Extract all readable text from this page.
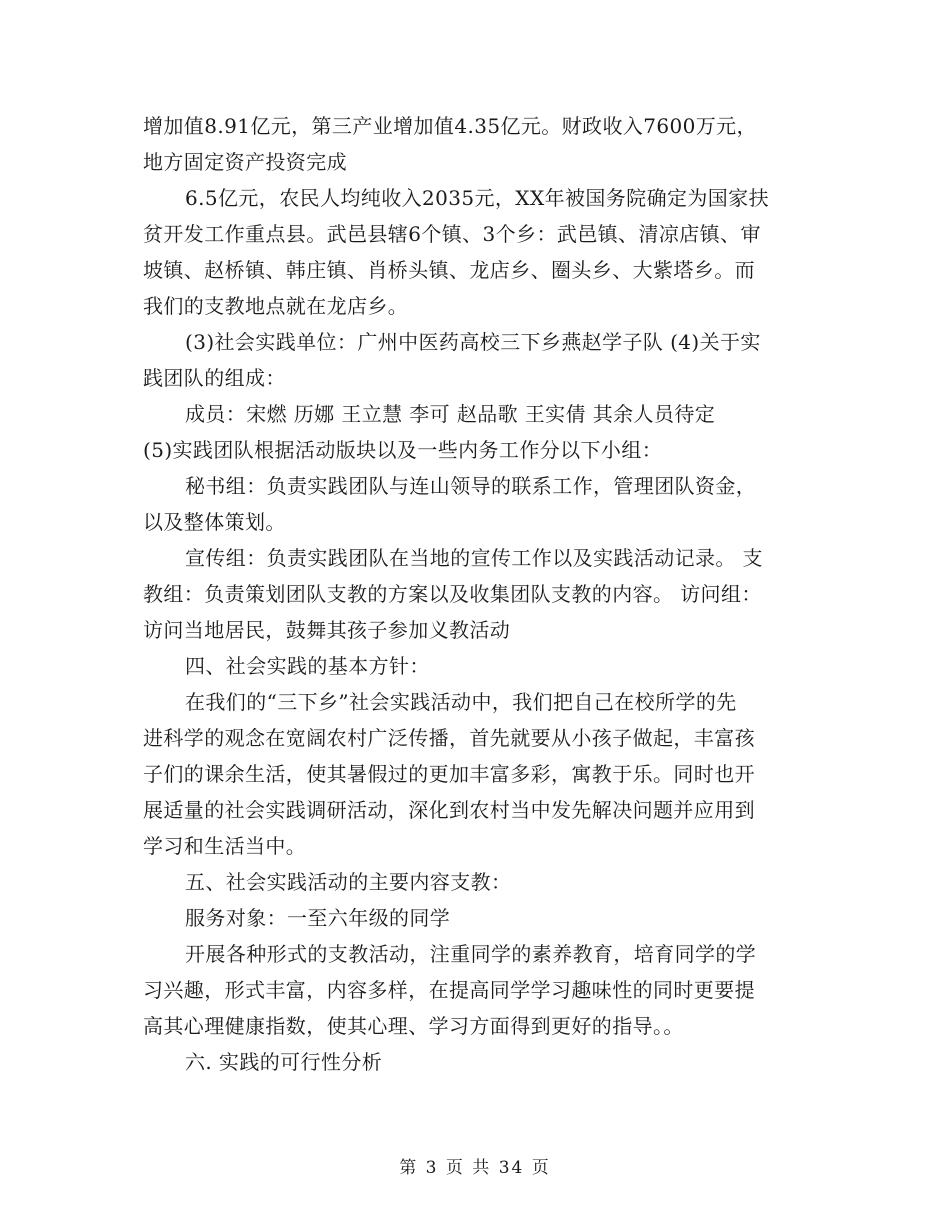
增加值8.91亿元，第三产业增加值4.35亿元。财政收入7600万元，
地方固定资产投资完成
6.5亿元，农民人均纯收入2035元，XX年被国务院确定为国家扶
贫开发工作重点县。武邑县辖6个镇、3个乡：武邑镇、清凉店镇、审
坡镇、赵桥镇、韩庄镇、肖桥头镇、龙店乡、圈头乡、大紫塔乡。而
我们的支教地点就在龙店乡。
(3)社会实践单位：广州中医药高校三下乡燕赵学子队 (4)关于实
践团队的组成：
成员：宋燃 历娜 王立慧 李可 赵品歌 王实倩 其余人员待定
(5)实践团队根据活动版块以及一些内务工作分以下小组：
秘书组：负责实践团队与连山领导的联系工作，管理团队资金，
以及整体策划。
宣传组：负责实践团队在当地的宣传工作以及实践活动记录。 支
教组：负责策划团队支教的方案以及收集团队支教的内容。 访问组：
访问当地居民，鼓舞其孩子参加义教活动
四、社会实践的基本方针：
在我们的“三下乡”社会实践活动中，我们把自己在校所学的先
进科学的观念在宽阔农村广泛传播，首先就要从小孩子做起，丰富孩
子们的课余生活，使其暑假过的更加丰富多彩，寓教于乐。同时也开
展适量的社会实践调研活动，深化到农村当中发先解决问题并应用到
学习和生活当中。
五、社会实践活动的主要内容支教：
服务对象：一至六年级的同学
开展各种形式的支教活动，注重同学的素养教育，培育同学的学
习兴趣，形式丰富，内容多样，在提高同学学习趣味性的同时更要提
高其心理健康指数，使其心理、学习方面得到更好的指导。。
六. 实践的可行性分析
第 3 页 共 34 页
